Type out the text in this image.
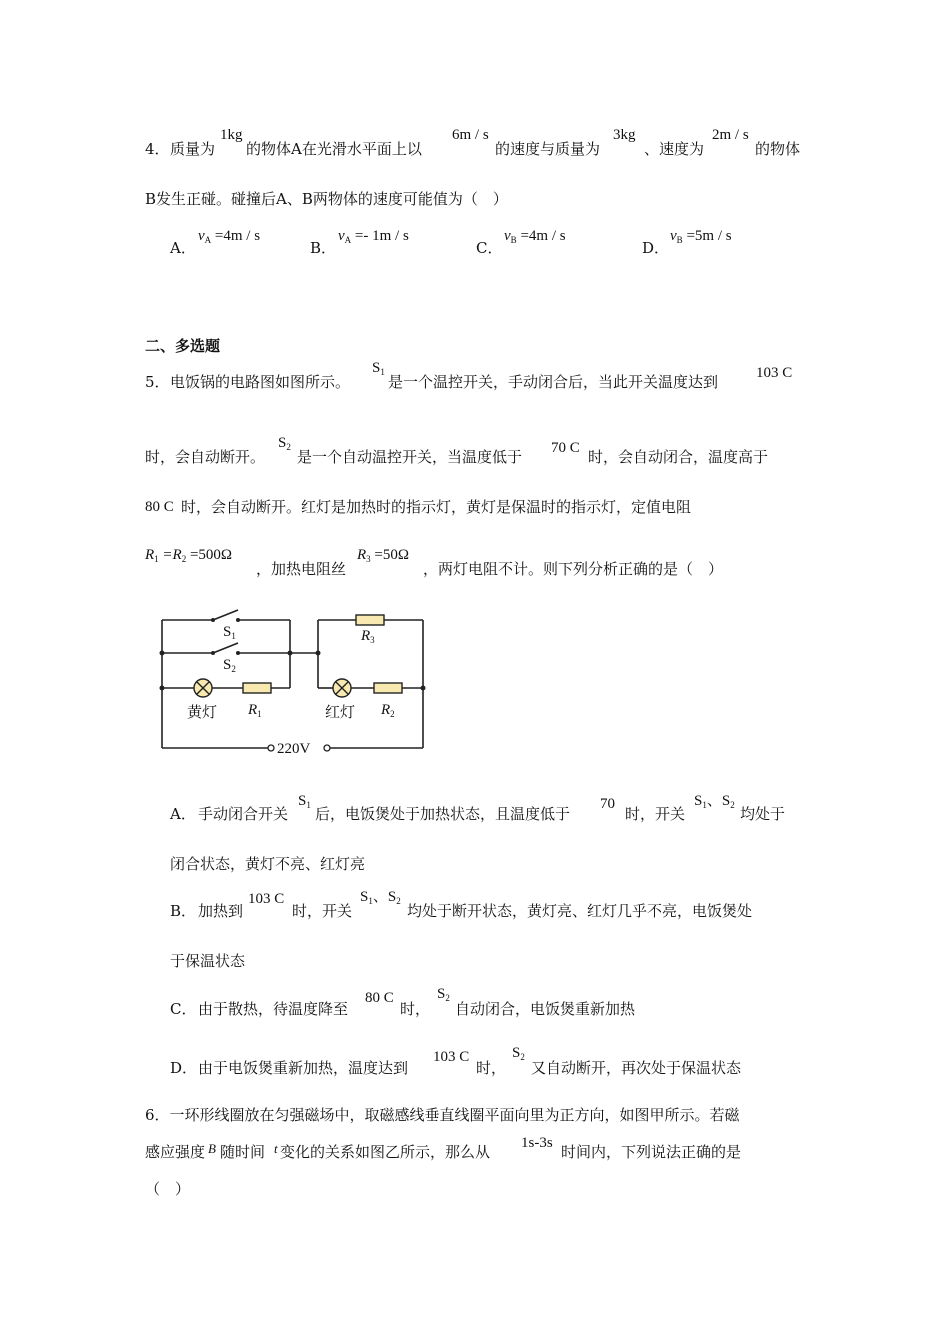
4． 质量为
1kg
的物体A在光滑水平面上以
6m / s
的速度与质量为
3kg
、速度为
2m / s
的物体
B发生正碰。碰撞后A、B两物体的速度可能值为（　）
A．
$v_A =4m / s$
B．
$v_A =- 1m / s$
C．
$v_B =4m / s$
D．
$v_B =5m / s$
二、多选题
5． 电饭锅的电路图如图所示。
$S_1$
是一个温控开关，手动闭合后，当此开关温度达到	103 C
时，会自动断开。
$S_2$
是一个自动温控开关，当温度低于 70 C 时，会自动闭合，温度高于
80 C 时，会自动断开。红灯是加热时的指示灯，黄灯是保温时的指示灯，定值电阻
$R_1 =R_2 =500\Omega$
，加热电阻丝
$R_3 =50\Omega$
，两灯电阻不计。则下列分析正确的是（　）
$S_1$
$S_2$
黄灯 $R_1$
$R_3$
红灯 $R_2$
220V
A． 手动闭合开关
$S_1$ 后，电饭煲处于加热状态，且温度低于
70
时，开关
$S_1$、$S_2$ 均处于
闭合状态，黄灯不亮、红灯亮
B． 加热到
103 C
时，开关
$S_1$、$S_2$
均处于断开状态，黄灯亮、红灯几乎不亮，电饭煲处
于保温状态
C． 由于散热，待温度降至
80 C
时，
$S_2$
自动闭合，电饭煲重新加热
D． 由于电饭煲重新加热，温度达到
103 C
时，
$S_2$
又自动断开，再次处于保温状态
6．一环形线圈放在匀强磁场中，取磁感线垂直线圈平面向里为正方向，如图甲所示。若磁
感应强度 B 随时间 t 变化的关系如图乙所示，那么从 1s-3s 时间内，下列说法正确的是
（　）
